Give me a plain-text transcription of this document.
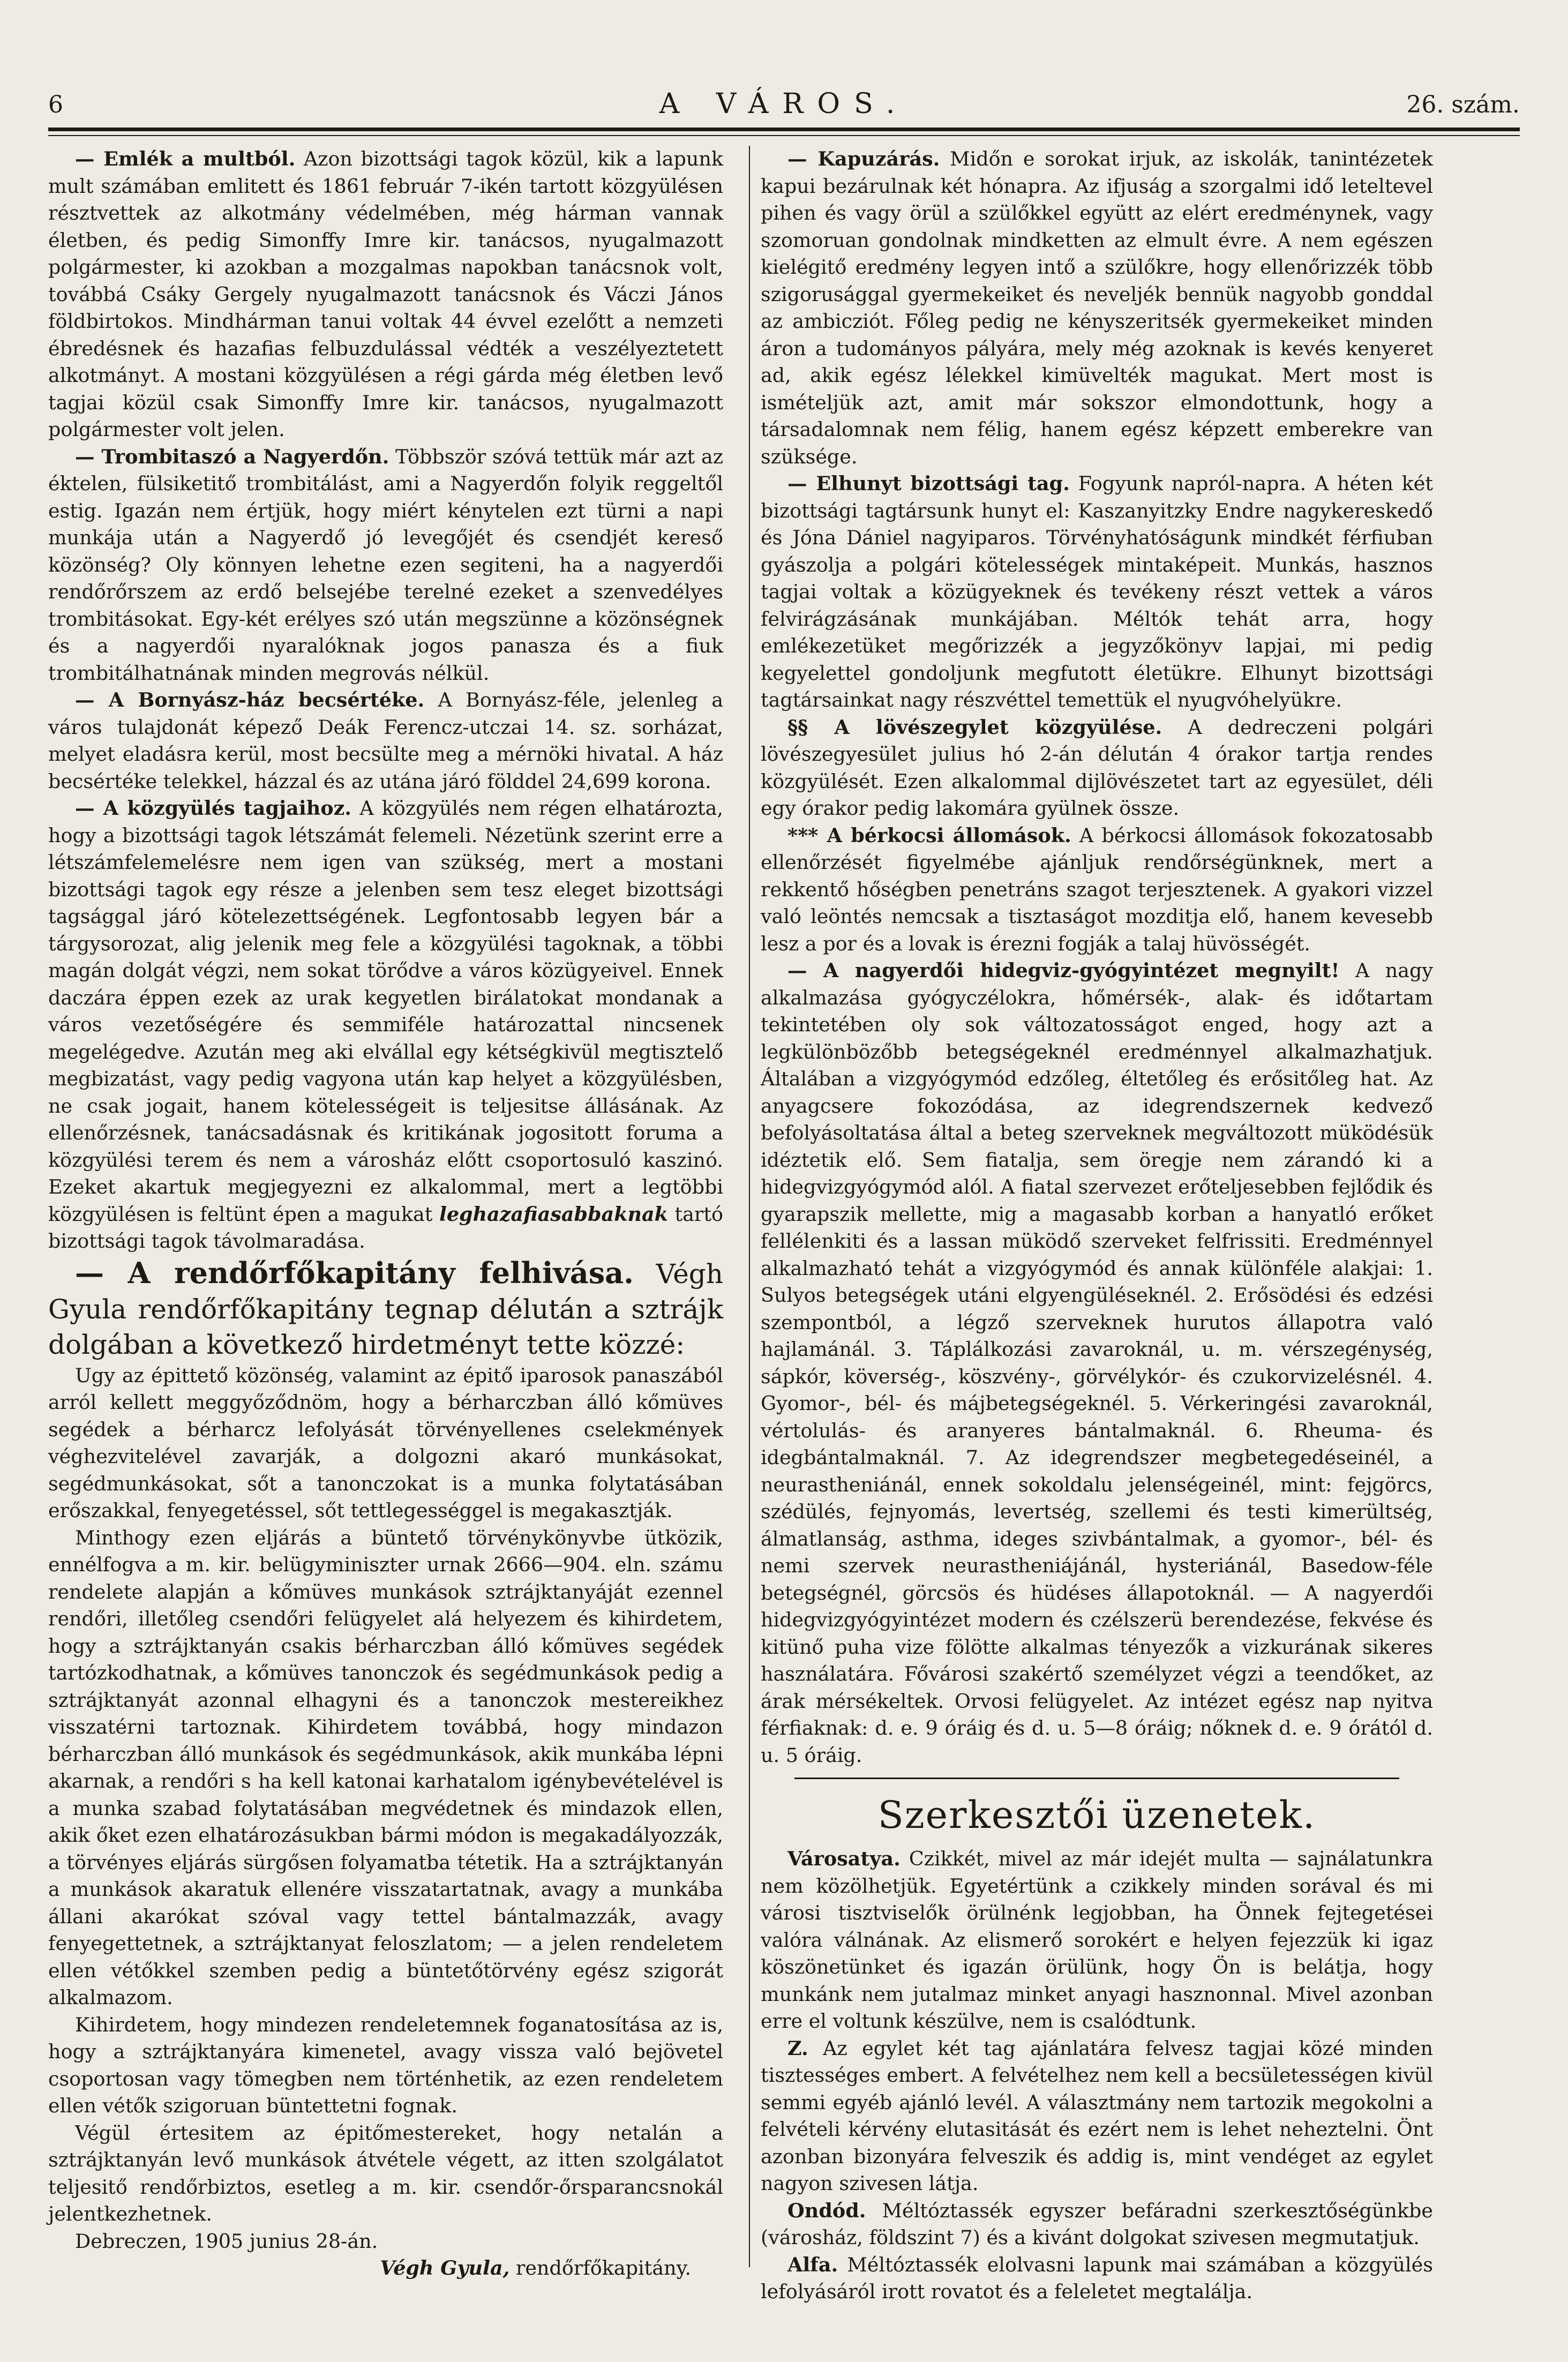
6	A VÁROS.	26. szám.

— Emlék a multból. Azon bizottsági tagok közül, kik a lapunk mult számában emlitett és 1861 február 7-ikén tartott közgyülésen résztvettek az alkotmány védelmében, még hárman vannak életben, és pedig Simonffy Imre kir. tanácsos, nyugalmazott polgármester, ki azokban a mozgalmas napokban tanácsnok volt, továbbá Csáky Gergely nyugalmazott tanácsnok és Váczi János földbirtokos. Mindhárman tanui voltak 44 évvel ezelőtt a nemzeti ébredésnek és hazafias felbuzdulással védték a veszélyeztetett alkotmányt. A mostani közgyülésen a régi gárda még életben levő tagjai közül csak Simonffy Imre kir. tanácsos, nyugalmazott polgármester volt jelen.

— Trombitaszó a Nagyerdőn. Többször szóvá tettük már azt az éktelen, fülsiketitő trombitálást, ami a Nagyerdőn folyik reggeltől estig. Igazán nem értjük, hogy miért kénytelen ezt türni a napi munkája után a Nagyerdő jó levegőjét és csendjét kereső közönség? Oly könnyen lehetne ezen segiteni, ha a nagyerdői rendőrőrszem az erdő belsejébe terelné ezeket a szenvedélyes trombitásokat. Egy-két erélyes szó után megszünne a közönségnek és a nagyerdői nyaralóknak jogos panasza és a fiuk trombitálhatnának minden megrovás nélkül.

— A Bornyász-ház becsértéke. A Bornyász-féle, jelenleg a város tulajdonát képező Deák Ferencz-utczai 14. sz. sorházat, melyet eladásra kerül, most becsülte meg a mérnöki hivatal. A ház becsértéke telekkel, házzal és az utána járó földdel 24,699 korona.

— A közgyülés tagjaihoz. A közgyülés nem régen elhatározta, hogy a bizottsági tagok létszámát felemeli. Nézetünk szerint erre a létszámfelemelésre nem igen van szükség, mert a mostani bizottsági tagok egy része a jelenben sem tesz eleget bizottsági tagsággal járó kötelezettségének. Legfontosabb legyen bár a tárgysorozat, alig jelenik meg fele a közgyülési tagoknak, a többi magán dolgát végzi, nem sokat törődve a város közügyeivel. Ennek daczára éppen ezek az urak kegyetlen birálatokat mondanak a város vezetőségére és semmiféle határozattal nincsenek megelégedve. Azután meg aki elvállal egy kétségkivül megtisztelő megbizatást, vagy pedig vagyona után kap helyet a közgyülésben, ne csak jogait, hanem kötelességeit is teljesitse állásának. Az ellenőrzésnek, tanácsadásnak és kritikának jogositott foruma a közgyülési terem és nem a városház előtt csoportosuló kaszinó. Ezeket akartuk megjegyezni ez alkalommal, mert a legtöbbi közgyülésen is feltünt épen a magukat leghazafiasabbaknak tartó bizottsági tagok távolmaradása.

— A rendőrfőkapitány felhivása. Végh Gyula rendőrfőkapitány tegnap délután a sztrájk dolgában a következő hirdetményt tette közzé:

Ugy az épittető közönség, valamint az épitő iparosok panaszából arról kellett meggyőződnöm, hogy a bérharczban álló kőmüves segédek a bérharcz lefolyását törvényellenes cselekmények véghezvitelével zavarják, a dolgozni akaró munkásokat, segédmunkásokat, sőt a tanonczokat is a munka folytatásában erőszakkal, fenyegetéssel, sőt tettlegességgel is megakasztják.

Minthogy ezen eljárás a büntető törvénykönyvbe ütközik, ennélfogva a m. kir. belügyminiszter urnak 2666—904. eln. számu rendelete alapján a kőmüves munkások sztrájktanyáját ezennel rendőri, illetőleg csendőri felügyelet alá helyezem és kihirdetem, hogy a sztrájktanyán csakis bérharczban álló kőmüves segédek tartózkodhatnak, a kőmüves tanonczok és segédmunkások pedig a sztrájktanyát azonnal elhagyni és a tanonczok mestereikhez visszatérni tartoznak. Kihirdetem továbbá, hogy mindazon bérharczban álló munkások és segédmunkások, akik munkába lépni akarnak, a rendőri s ha kell katonai karhatalom igénybevételével is a munka szabad folytatásában megvédetnek és mindazok ellen, akik őket ezen elhatározásukban bármi módon is megakadályozzák, a törvényes eljárás sürgősen folyamatba tétetik. Ha a sztrájktanyán a munkások akaratuk ellenére visszatartatnak, avagy a munkába állani akarókat szóval vagy tettel bántalmazzák, avagy fenyegettetnek, a sztrájktanyat feloszlatom; — a jelen rendeletem ellen vétőkkel szemben pedig a büntetőtörvény egész szigorát alkalmazom.

Kihirdetem, hogy mindezen rendeletemnek foganatosítása az is, hogy a sztrájktanyára kimenetel, avagy vissza való bejövetel csoportosan vagy tömegben nem történhetik, az ezen rendeletem ellen vétők szigoruan büntettetni fognak.

Végül értesitem az épitőmestereket, hogy netalán a sztrájktanyán levő munkások átvétele végett, az itten szolgálatot teljesitő rendőrbiztos, esetleg a m. kir. csendőr-őrsparancsnokál jelentkezhetnek.

Debreczen, 1905 junius 28-án.

Végh Gyula, rendőrfőkapitány.

— Kapuzárás. Midőn e sorokat irjuk, az iskolák, tanintézetek kapui bezárulnak két hónapra. Az ifjuság a szorgalmi idő leteltevel pihen és vagy örül a szülőkkel együtt az elért eredménynek, vagy szomoruan gondolnak mindketten az elmult évre. A nem egészen kielégitő eredmény legyen intő a szülőkre, hogy ellenőrizzék több szigorusággal gyermekeiket és neveljék bennük nagyobb gonddal az ambicziót. Főleg pedig ne kényszeritsék gyermekeiket minden áron a tudományos pályára, mely még azoknak is kevés kenyeret ad, akik egész lélekkel kimüvelték magukat. Mert most is ismételjük azt, amit már sokszor elmondottunk, hogy a társadalomnak nem félig, hanem egész képzett emberekre van szüksége.

— Elhunyt bizottsági tag. Fogyunk napról-napra. A héten két bizottsági tagtársunk hunyt el: Kaszanyitzky Endre nagykereskedő és Jóna Dániel nagyiparos. Törvényhatóságunk mindkét férfiuban gyászolja a polgári kötelességek mintaképeit. Munkás, hasznos tagjai voltak a közügyeknek és tevékeny részt vettek a város felvirágzásának munkájában. Méltók tehát arra, hogy emlékezetüket megőrizzék a jegyzőkönyv lapjai, mi pedig kegyelettel gondoljunk megfutott életükre. Elhunyt bizottsági tagtársainkat nagy részvéttel temettük el nyugvóhelyükre.

§§ A lövészegylet közgyülése. A dedreczeni polgári lövészegyesület julius hó 2-án délután 4 órakor tartja rendes közgyülését. Ezen alkalommal dijlövészetet tart az egyesület, déli egy órakor pedig lakomára gyülnek össze.

*** A bérkocsi állomások. A bérkocsi állomások fokozatosabb ellenőrzését figyelmébe ajánljuk rendőrségünknek, mert a rekkentő hőségben penetráns szagot terjesztenek. A gyakori vizzel való leöntés nemcsak a tisztaságot mozditja elő, hanem kevesebb lesz a por és a lovak is érezni fogják a talaj hüvösségét.

— A nagyerdői hidegviz-gyógyintézet megnyilt! A nagy alkalmazása gyógyczélokra, hőmérsék-, alak- és időtartam tekintetében oly sok változatosságot enged, hogy azt a legkülönbözőbb betegségeknél eredménnyel alkalmazhatjuk. Általában a vizgyógymód edzőleg, éltetőleg és erősitőleg hat. Az anyagcsere fokozódása, az idegrendszernek kedvező befolyásoltatása által a beteg szerveknek megváltozott müködésük idéztetik elő. Sem fiatalja, sem öregje nem zárandó ki a hidegvizgyógymód alól. A fiatal szervezet erőteljesebben fejlődik és gyarapszik mellette, mig a magasabb korban a hanyatló erőket fellélenkiti és a lassan müködő szerveket felfrissiti. Eredménnyel alkalmazható tehát a vizgyógymód és annak különféle alakjai: 1. Sulyos betegségek utáni elgyengüléseknél. 2. Erősödési és edzési szempontból, a légző szerveknek hurutos állapotra való hajlamánál. 3. Táplálkozási zavaroknál, u. m. vérszegénység, sápkór, köverség-, köszvény-, görvélykór- és czukorvizelésnél. 4. Gyomor-, bél- és májbetegségeknél. 5. Vérkeringési zavaroknál, vértolulás- és aranyeres bántalmaknál. 6. Rheuma- és idegbántalmaknál. 7. Az idegrendszer megbetegedéseinél, a neurastheniánál, ennek sokoldalu jelenségeinél, mint: fejgörcs, szédülés, fejnyomás, levertség, szellemi és testi kimerültség, álmatlanság, asthma, ideges szivbántalmak, a gyomor-, bél- és nemi szervek neurastheniájánál, hysteriánál, Basedow-féle betegségnél, görcsös és hüdéses állapotoknál. — A nagyerdői hidegvizgyógyintézet modern és czélszerü berendezése, fekvése és kitünő puha vize fölötte alkalmas tényezők a vizkurának sikeres használatára. Fővárosi szakértő személyzet végzi a teendőket, az árak mérsékeltek. Orvosi felügyelet. Az intézet egész nap nyitva férfiaknak: d. e. 9 óráig és d. u. 5—8 óráig; nőknek d. e. 9 órától d. u. 5 óráig.

Szerkesztői üzenetek.

Városatya. Czikkét, mivel az már idejét multa — sajnálatunkra nem közölhetjük. Egyetértünk a czikkely minden sorával és mi városi tisztviselők örülnénk legjobban, ha Önnek fejtegetései valóra válnának. Az elismerő sorokért e helyen fejezzük ki igaz köszönetünket és igazán örülünk, hogy Ön is belátja, hogy munkánk nem jutalmaz minket anyagi hasznonnal. Mivel azonban erre el voltunk készülve, nem is csalódtunk.

Z. Az egylet két tag ajánlatára felvesz tagjai közé minden tisztességes embert. A felvételhez nem kell a becsületességen kivül semmi egyéb ajánló levél. A választmány nem tartozik megokolni a felvételi kérvény elutasitását és ezért nem is lehet neheztelni. Önt azonban bizonyára felveszik és addig is, mint vendéget az egylet nagyon szivesen látja.

Ondód. Méltóztassék egyszer befáradni szerkesztőségünkbe (városház, földszint 7) és a kivánt dolgokat szivesen megmutatjuk.

Alfa. Méltóztassék elolvasni lapunk mai számában a közgyülés lefolyásáról irott rovatot és a feleletet megtalálja.
